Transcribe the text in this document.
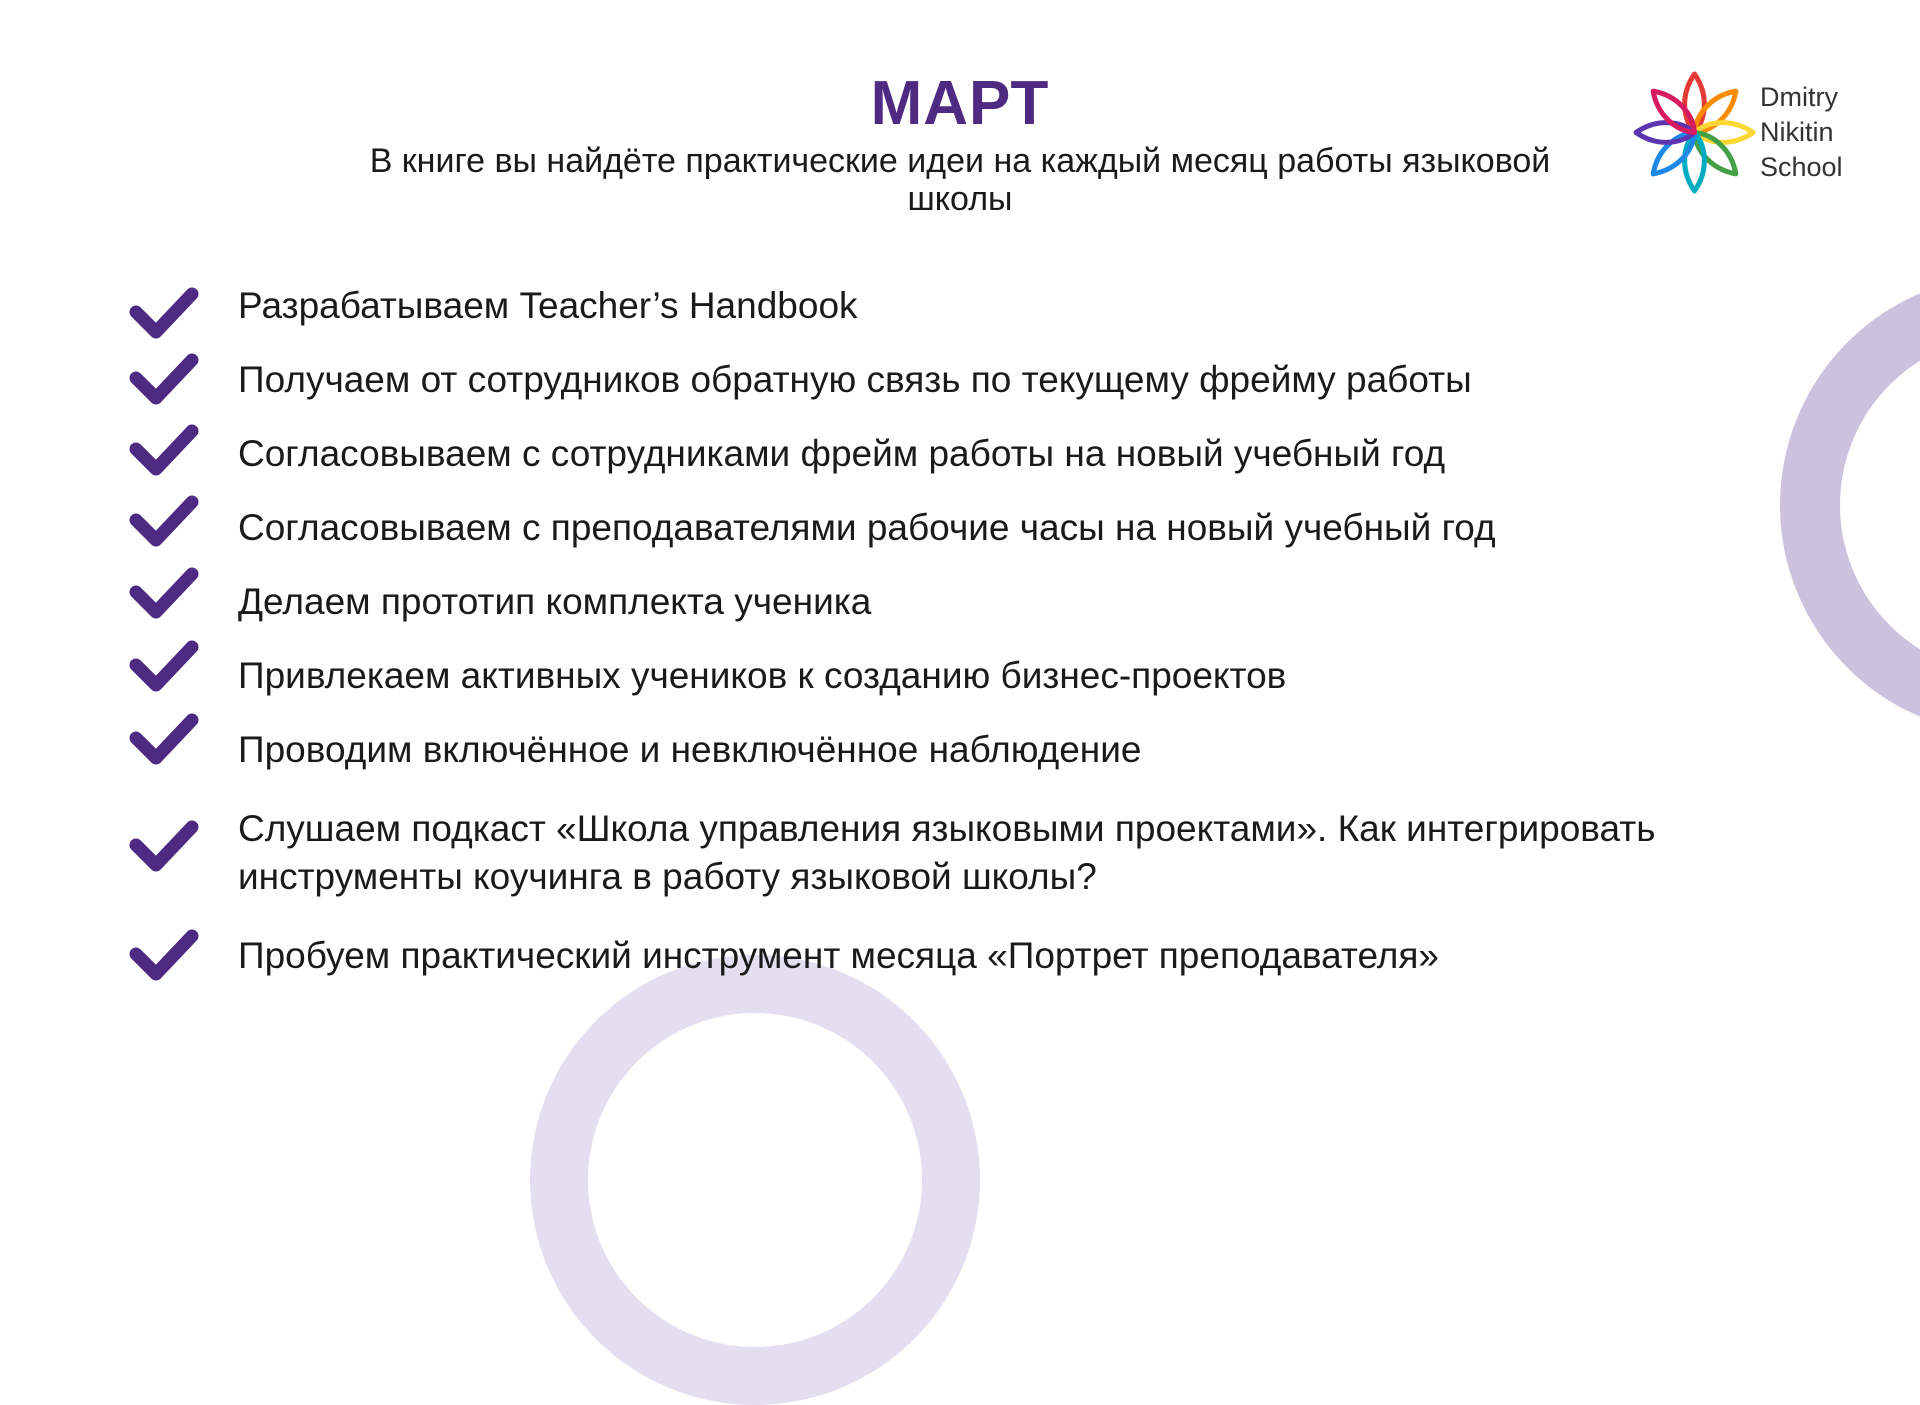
МАРТ

В книге вы найдёте практические идеи на каждый месяц работы языковой школы

Dmitry
Nikitin
School
Разрабатываем Teacher’s Handbook
Получаем от сотрудников обратную связь по текущему фрейму работы
Согласовываем с сотрудниками фрейм работы на новый учебный год
Согласовываем с преподавателями рабочие часы на новый учебный год
Делаем прототип комплекта ученика
Привлекаем активных учеников к созданию бизнес-проектов
Проводим включённое и невключённое наблюдение
Слушаем подкаст «Школа управления языковыми проектами». Как интегрировать инструменты коучинга в работу языковой школы?
Пробуем практический инструмент месяца «Портрет преподавателя»
